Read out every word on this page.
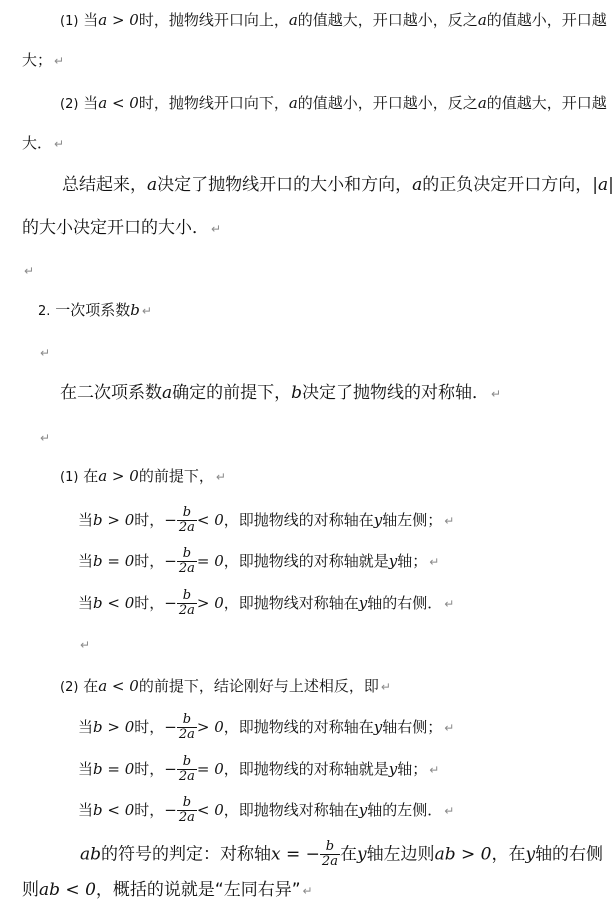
(1) 当a > 0时，抛物线开口向上，a的值越大，开口越小，反之a的值越小，开口越
大； ↵
(2) 当a < 0时，抛物线开口向下，a的值越小，开口越小，反之a的值越大，开口越
大． ↵
总结起来，a决定了抛物线开口的大小和方向，a的正负决定开口方向，|a|
的大小决定开口的大小． ↵
↵
2. 一次项系数b ↵
↵
在二次项系数a确定的前提下，b决定了抛物线的对称轴． ↵
↵
(1) 在a > 0的前提下， ↵
当b > 0时，− $\frac{b}{2a} < 0$，即抛物线的对称轴在y轴左侧； ↵
当b = 0时，− $\frac{b}{2a} = 0$，即抛物线的对称轴就是y轴； ↵
当b < 0时，− $\frac{b}{2a} > 0$，即抛物线对称轴在y轴的右侧． ↵
↵
(2) 在a < 0的前提下，结论刚好与上述相反，即 ↵
当b > 0时，− $\frac{b}{2a} > 0$，即抛物线的对称轴在y轴右侧； ↵
当b = 0时，− $\frac{b}{2a} = 0$，即抛物线的对称轴就是y轴； ↵
当b < 0时，− $\frac{b}{2a} < 0$，即抛物线对称轴在y轴的左侧． ↵
ab的符号的判定：对称轴x = − $\frac{b}{2a}$ 在y轴左边则ab > 0，在y轴的右侧
则ab < 0，概括的说就是“左同右异” ↵
